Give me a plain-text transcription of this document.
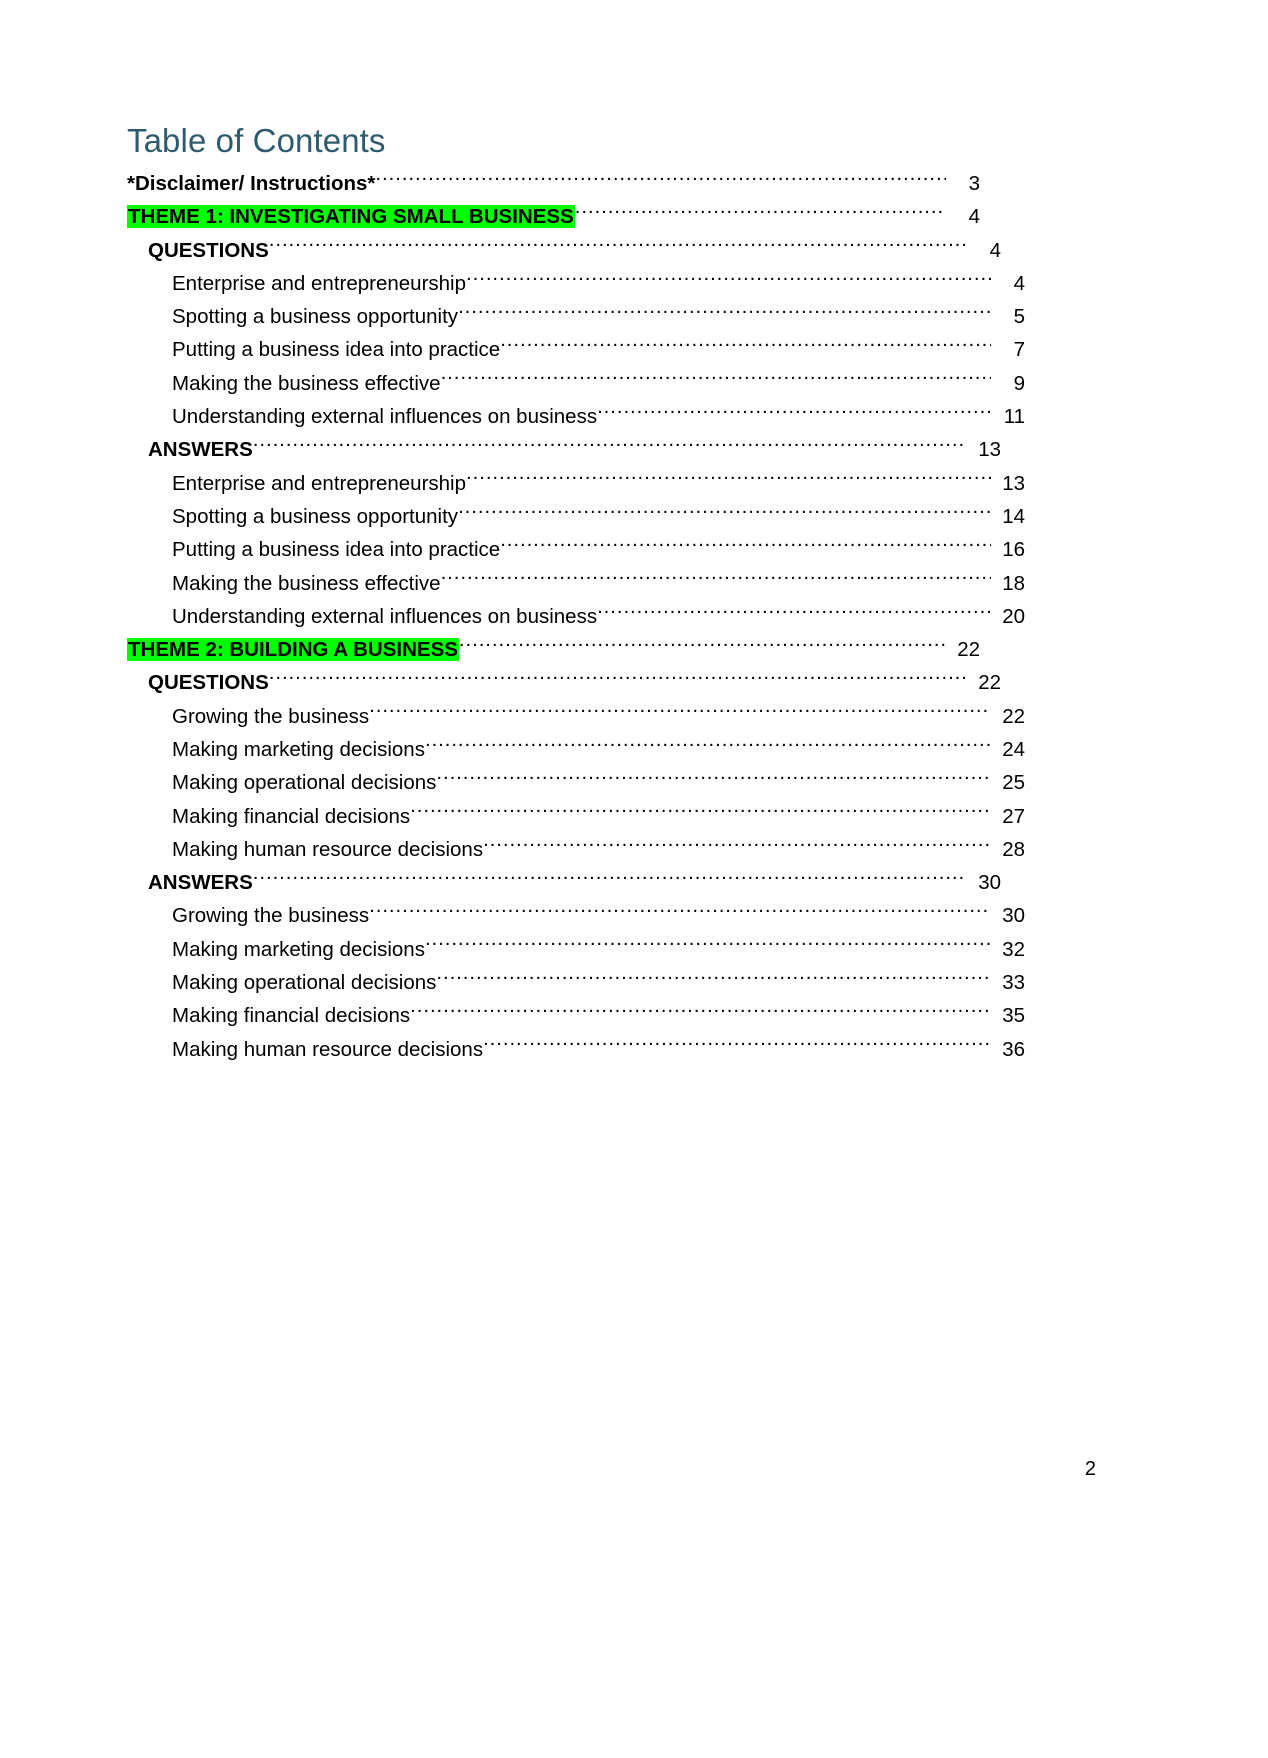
Table of Contents
*Disclaimer/ Instructions* .....	3
THEME 1: INVESTIGATING SMALL BUSINESS .....	4
QUESTIONS .....	4
Enterprise and entrepreneurship .....	4
Spotting a business opportunity .....	5
Putting a business idea into practice .....	7
Making the business effective .....	9
Understanding external influences on business .....	11
ANSWERS .....	13
Enterprise and entrepreneurship .....	13
Spotting a business opportunity .....	14
Putting a business idea into practice .....	16
Making the business effective .....	18
Understanding external influences on business .....	20
THEME 2: BUILDING A BUSINESS .....	22
QUESTIONS .....	22
Growing the business .....	22
Making marketing decisions .....	24
Making operational decisions .....	25
Making financial decisions .....	27
Making human resource decisions .....	28
ANSWERS .....	30
Growing the business .....	30
Making marketing decisions .....	32
Making operational decisions .....	33
Making financial decisions .....	35
Making human resource decisions .....	36
2
